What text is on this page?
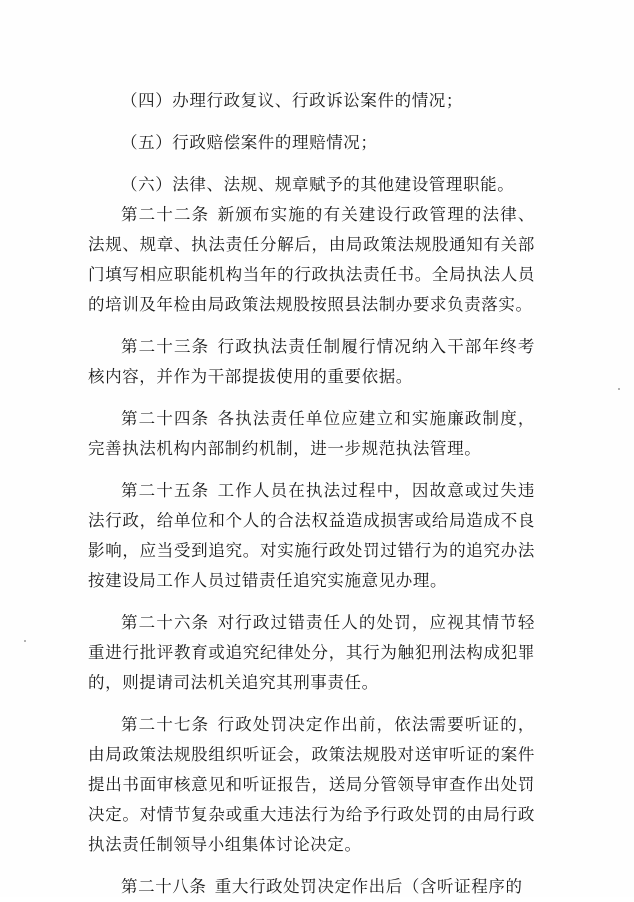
（四）办理行政复议、行政诉讼案件的情况；

（五）行政赔偿案件的理赔情况；

（六）法律、法规、规章赋予的其他建设管理职能。

第二十二条 新颁布实施的有关建设行政管理的法律、法规、规章、执法责任分解后，由局政策法规股通知有关部门填写相应职能机构当年的行政执法责任书。全局执法人员的培训及年检由局政策法规股按照县法制办要求负责落实。

第二十三条 行政执法责任制履行情况纳入干部年终考核内容，并作为干部提拔使用的重要依据。

第二十四条 各执法责任单位应建立和实施廉政制度，完善执法机构内部制约机制，进一步规范执法管理。

第二十五条 工作人员在执法过程中，因故意或过失违法行政，给单位和个人的合法权益造成损害或给局造成不良影响，应当受到追究。对实施行政处罚过错行为的追究办法按建设局工作人员过错责任追究实施意见办理。

第二十六条 对行政过错责任人的处罚，应视其情节轻重进行批评教育或追究纪律处分，其行为触犯刑法构成犯罪的，则提请司法机关追究其刑事责任。

第二十七条 行政处罚决定作出前，依法需要听证的，由局政策法规股组织听证会，政策法规股对送审听证的案件提出书面审核意见和听证报告，送局分管领导审查作出处罚决定。对情节复杂或重大违法行为给予行政处罚的由局行政执法责任制领导小组集体讨论决定。

第二十八条 重大行政处罚决定作出后（含听证程序的
